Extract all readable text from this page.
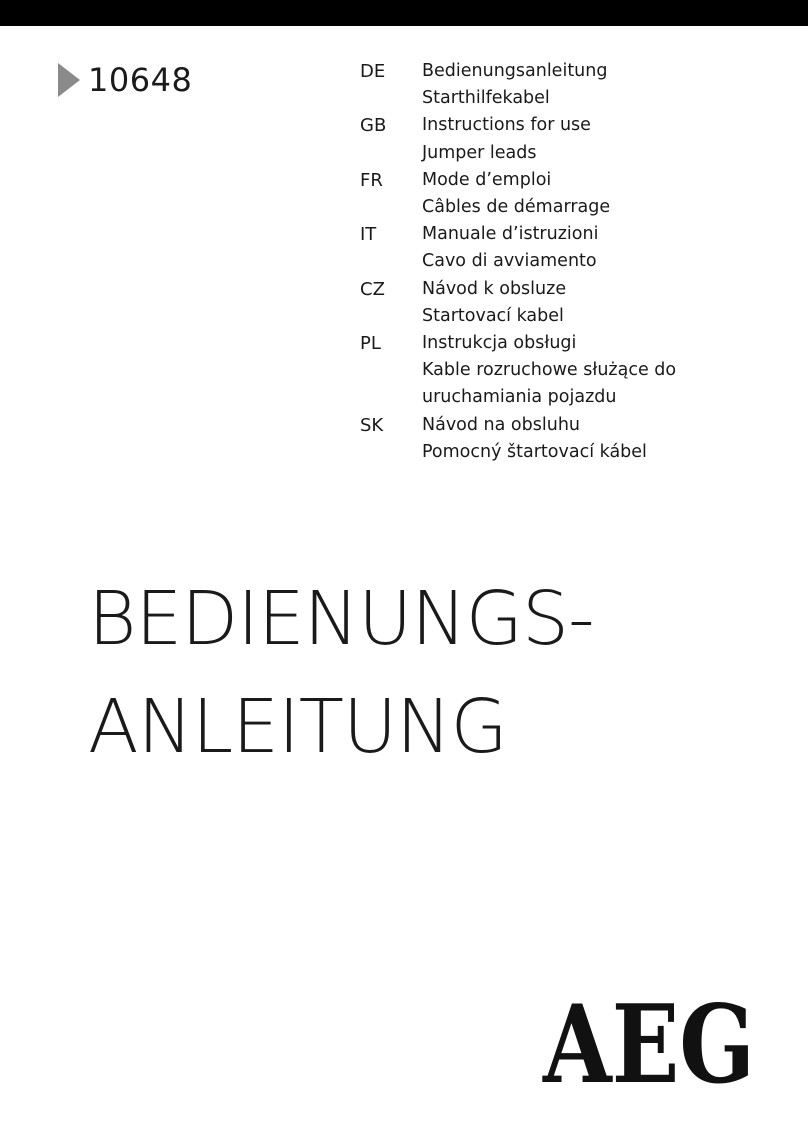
10648	DE	Bedienungsanleitung
Starthilfekabel
GB	Instructions for use
Jumper leads
FR	Mode d’emploi
Câbles de démarrage
IT	Manuale d’istruzioni
Cavo di avviamento
CZ	Návod k obsluze
Startovací kabel
PL	Instrukcja obsługi
Kable rozruchowe służące do
uruchamiania pojazdu
SK	Návod na obsluhu
Pomocný štartovací kábel
BEDIENUNGS-
ANLEITUNG
AEG
